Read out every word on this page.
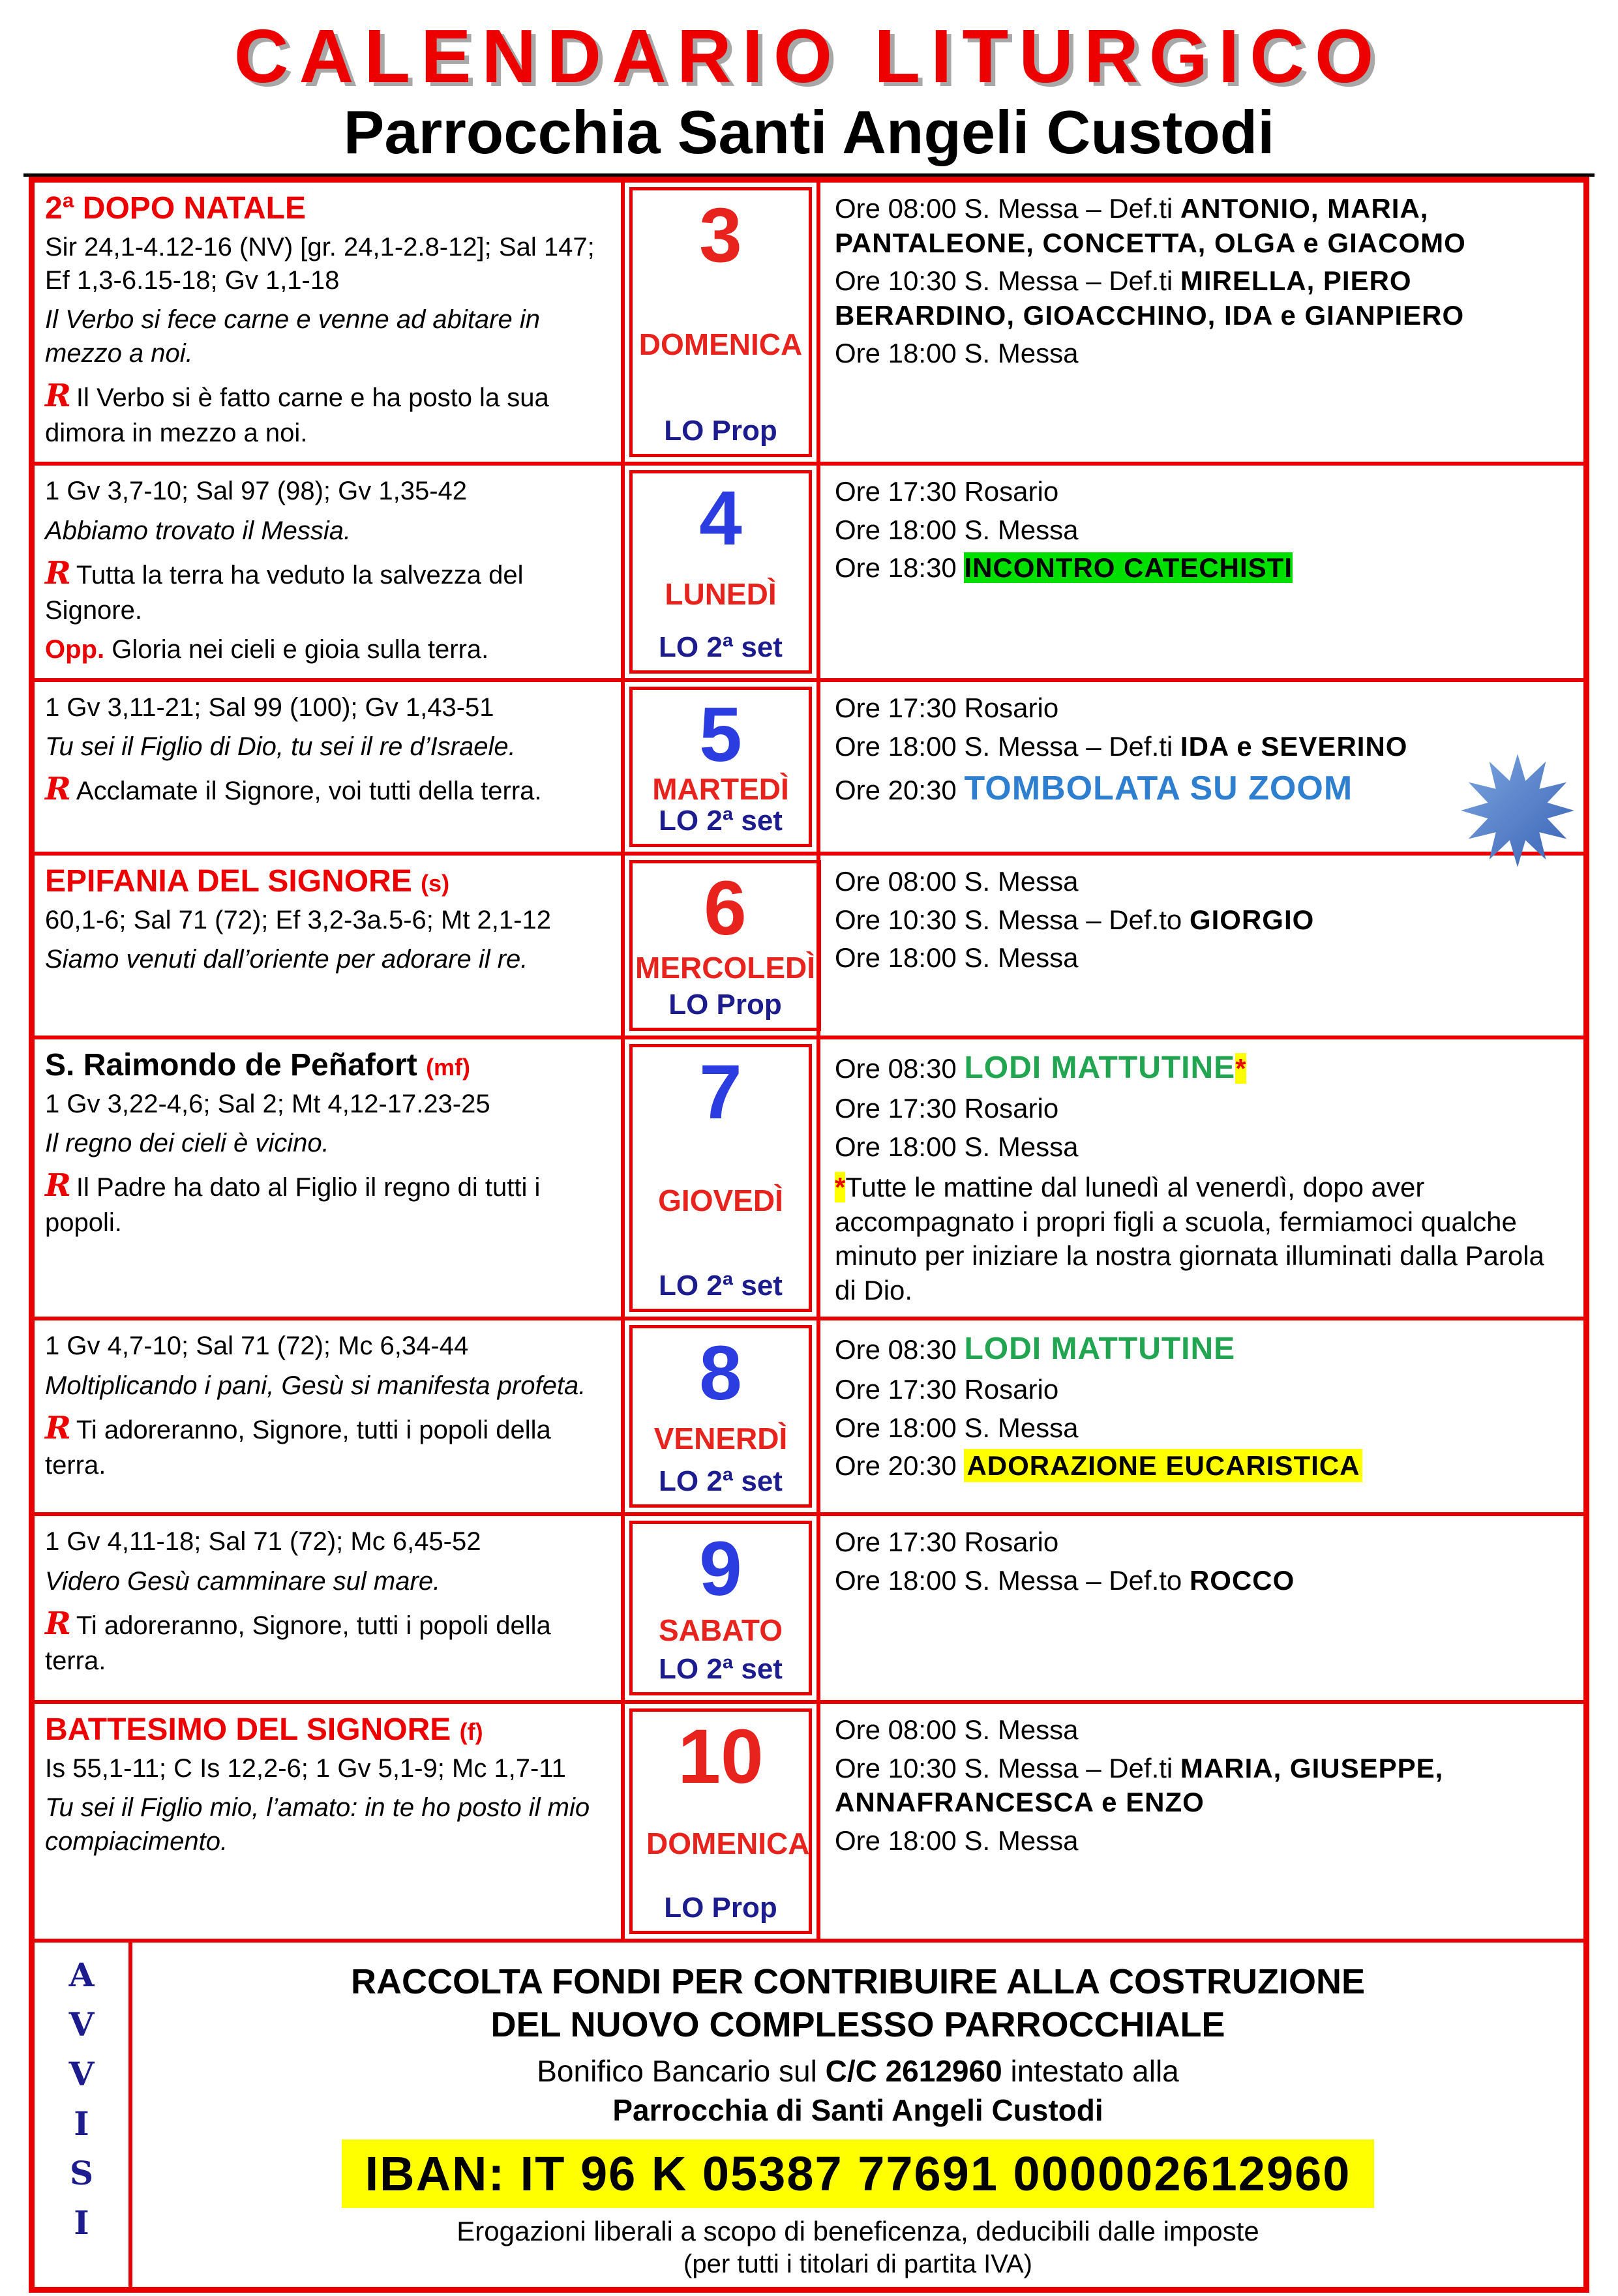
CALENDARIO LITURGICO
Parrocchia Santi Angeli Custodi

2ª DOPO NATALE

Sir 24,1-4.12-16 (NV) [gr. 24,1-2.8-12]; Sal 147; Ef 1,3-6.15-18; Gv 1,1-18

Il Verbo si fece carne e venne ad abitare in mezzo a noi.

R Il Verbo si è fatto carne e ha posto la sua dimora in mezzo a noi.

3
DOMENICA
LO Prop

Ore 08:00 S. Messa – Def.ti ANTONIO, MARIA, PANTALEONE, CONCETTA, OLGA e GIACOMO

Ore 10:30 S. Messa – Def.ti MIRELLA, PIERO BERARDINO, GIOACCHINO, IDA e GIANPIERO

Ore 18:00 S. Messa

1 Gv 3,7-10; Sal 97 (98); Gv 1,35-42

Abbiamo trovato il Messia.

R Tutta la terra ha veduto la salvezza del Signore.

Opp. Gloria nei cieli e gioia sulla terra.

4
LUNEDÌ
LO 2ª set

Ore 17:30 Rosario

Ore 18:00 S. Messa

Ore 18:30 INCONTRO CATECHISTI

1 Gv 3,11-21; Sal 99 (100); Gv 1,43-51

Tu sei il Figlio di Dio, tu sei il re d’Israele.

R Acclamate il Signore, voi tutti della terra.

5
MARTEDÌ
LO 2ª set

Ore 17:30 Rosario

Ore 18:00 S. Messa – Def.ti IDA e SEVERINO

Ore 20:30 TOMBOLATA SU ZOOM

EPIFANIA DEL SIGNORE (s)

60,1-6; Sal 71 (72); Ef 3,2-3a.5-6; Mt 2,1-12

Siamo venuti dall’oriente per adorare il re.

6
MERCOLEDÌ
LO Prop

Ore 08:00 S. Messa

Ore 10:30 S. Messa – Def.to GIORGIO

Ore 18:00 S. Messa

S. Raimondo de Peñafort (mf)

1 Gv 3,22-4,6; Sal 2; Mt 4,12-17.23-25

Il regno dei cieli è vicino.

R Il Padre ha dato al Figlio il regno di tutti i popoli.

7
GIOVEDÌ
LO 2ª set

Ore 08:30 LODI MATTUTINE*

Ore 17:30 Rosario

Ore 18:00 S. Messa

*Tutte le mattine dal lunedì al venerdì, dopo aver accompagnato i propri figli a scuola, fermiamoci qualche minuto per iniziare la nostra giornata illuminati dalla Parola di Dio.

1 Gv 4,7-10; Sal 71 (72); Mc 6,34-44

Moltiplicando i pani, Gesù si manifesta profeta.

R Ti adoreranno, Signore, tutti i popoli della terra.

8
VENERDÌ
LO 2ª set

Ore 08:30 LODI MATTUTINE

Ore 17:30 Rosario

Ore 18:00 S. Messa

Ore 20:30 ADORAZIONE EUCARISTICA

1 Gv 4,11-18; Sal 71 (72); Mc 6,45-52

Videro Gesù camminare sul mare.

R Ti adoreranno, Signore, tutti i popoli della terra.

9
SABATO
LO 2ª set

Ore 17:30 Rosario

Ore 18:00 S. Messa – Def.to ROCCO

BATTESIMO DEL SIGNORE (f)

Is 55,1-11; C Is 12,2-6; 1 Gv 5,1-9; Mc 1,7-11

Tu sei il Figlio mio, l’amato: in te ho posto il mio compiacimento.

10
DOMENICA
LO Prop

Ore 08:00 S. Messa

Ore 10:30 S. Messa – Def.ti MARIA, GIUSEPPE, ANNAFRANCESCA e ENZO

Ore 18:00 S. Messa

A
V
V
I
S
I

RACCOLTA FONDI PER CONTRIBUIRE ALLA COSTRUZIONE DEL NUOVO COMPLESSO PARROCCHIALE

Bonifico Bancario sul C/C 2612960 intestato alla

Parrocchia di Santi Angeli Custodi

IBAN: IT 96 K 05387 77691 000002612960

Erogazioni liberali a scopo di beneficenza, deducibili dalle imposte

(per tutti i titolari di partita IVA)
